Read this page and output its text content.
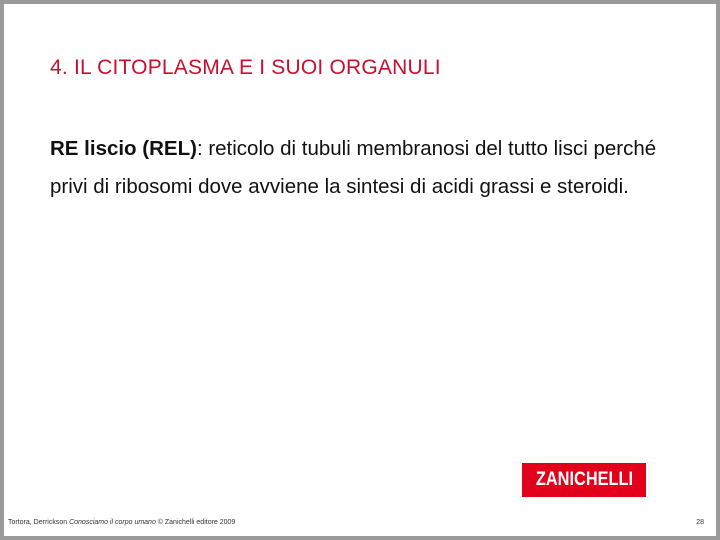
4. IL CITOPLASMA E I SUOI ORGANULI
RE liscio (REL): reticolo di tubuli membranosi del tutto lisci perché privi di ribosomi dove avviene la sintesi di acidi grassi e steroidi.
ZANICHELLI
Tortora, Derrickson Conosciamo il corpo umano © Zanichelli editore 2009	28
